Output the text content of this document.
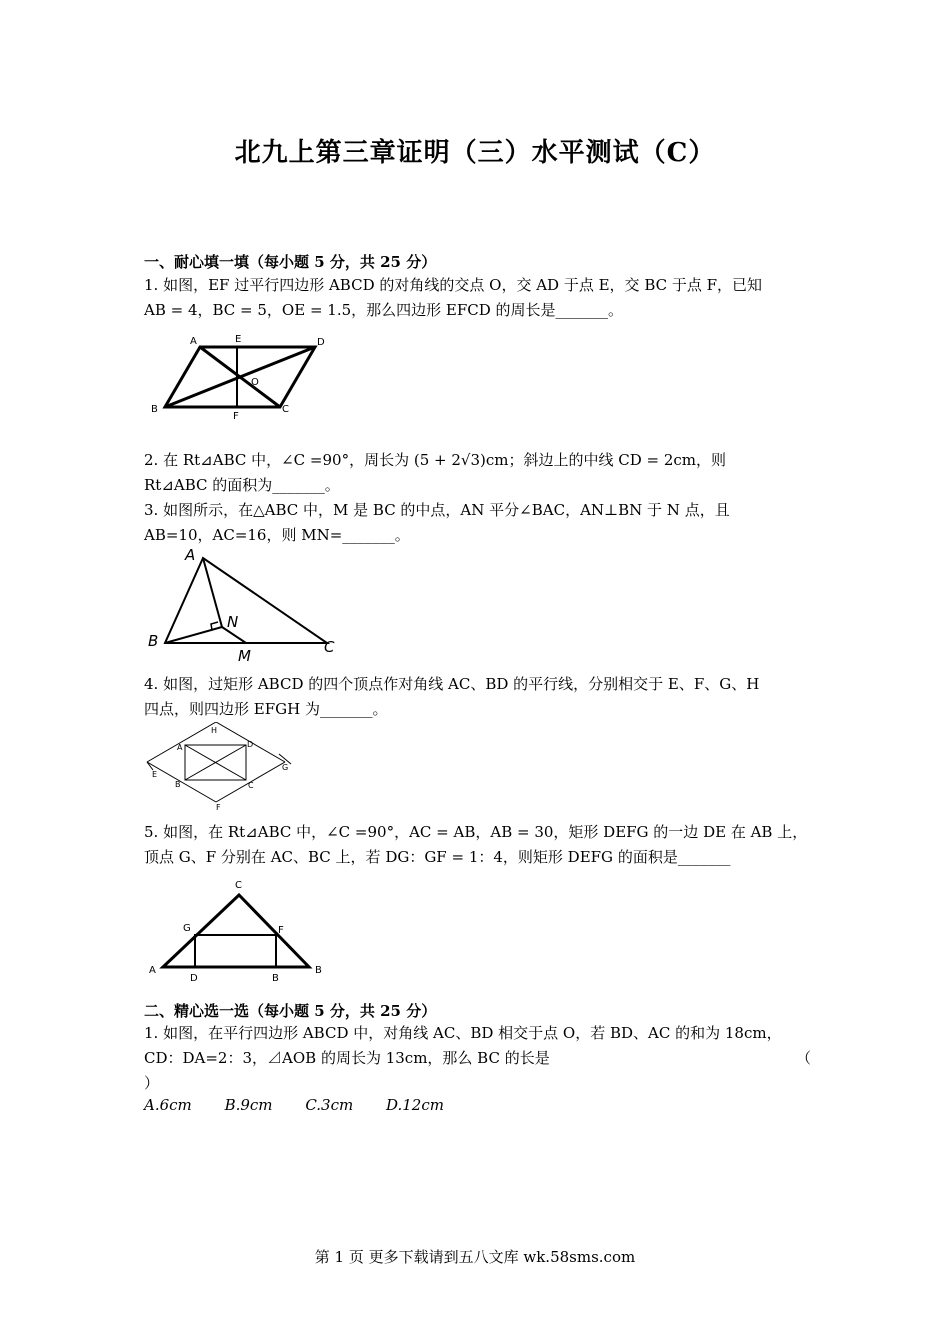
北九上第三章证明（三）水平测试（C）
一、耐心填一填（每小题 5 分，共 25 分）
1. 如图，EF 过平行四边形 ABCD 的对角线的交点 O，交 AD 于点 E，交 BC 于点 F，已知
AB = 4，BC = 5，OE = 1.5，那么四边形 EFCD 的周长是_______。
A	E	D
B
F
C
O
2. 在 Rt⊿ABC 中，∠C =90°，周长为 (5 + 2√3)cm；斜边上的中线 CD = 2cm，则
Rt⊿ABC 的面积为_______。
3. 如图所示，在△ABC 中，M 是 BC 的中点，AN 平分∠BAC，AN⊥BN 于 N 点，且
AB=10，AC=16，则 MN=_______。
A
B
N
M	C
4. 如图，过矩形 ABCD 的四个顶点作对角线 AC、BD 的平行线，分别相交于 E、F、G、H
四点，则四边形 EFGH 为_______。
H
A	D
E
G
B	C
F
5. 如图，在 Rt⊿ABC 中，∠C =90°，AC = AB，AB = 30，矩形 DEFG 的一边 DE 在 AB 上，
顶点 G、F 分别在 AC、BC 上，若 DG：GF = 1：4，则矩形 DEFG 的面积是_______
C
G	F
A
D	B
B
二、精心选一选（每小题 5 分，共 25 分）
1. 如图，在平行四边形 ABCD 中，对角线 AC、BD 相交于点 O，若 BD、AC 的和为 18cm，
CD：DA=2：3，⊿AOB 的周长为 13cm，那么 BC 的长是	（
）
A.6cm B.9cm C.3cm D.12cm
第 1 页 更多下载请到五八文库 wk.58sms.com
